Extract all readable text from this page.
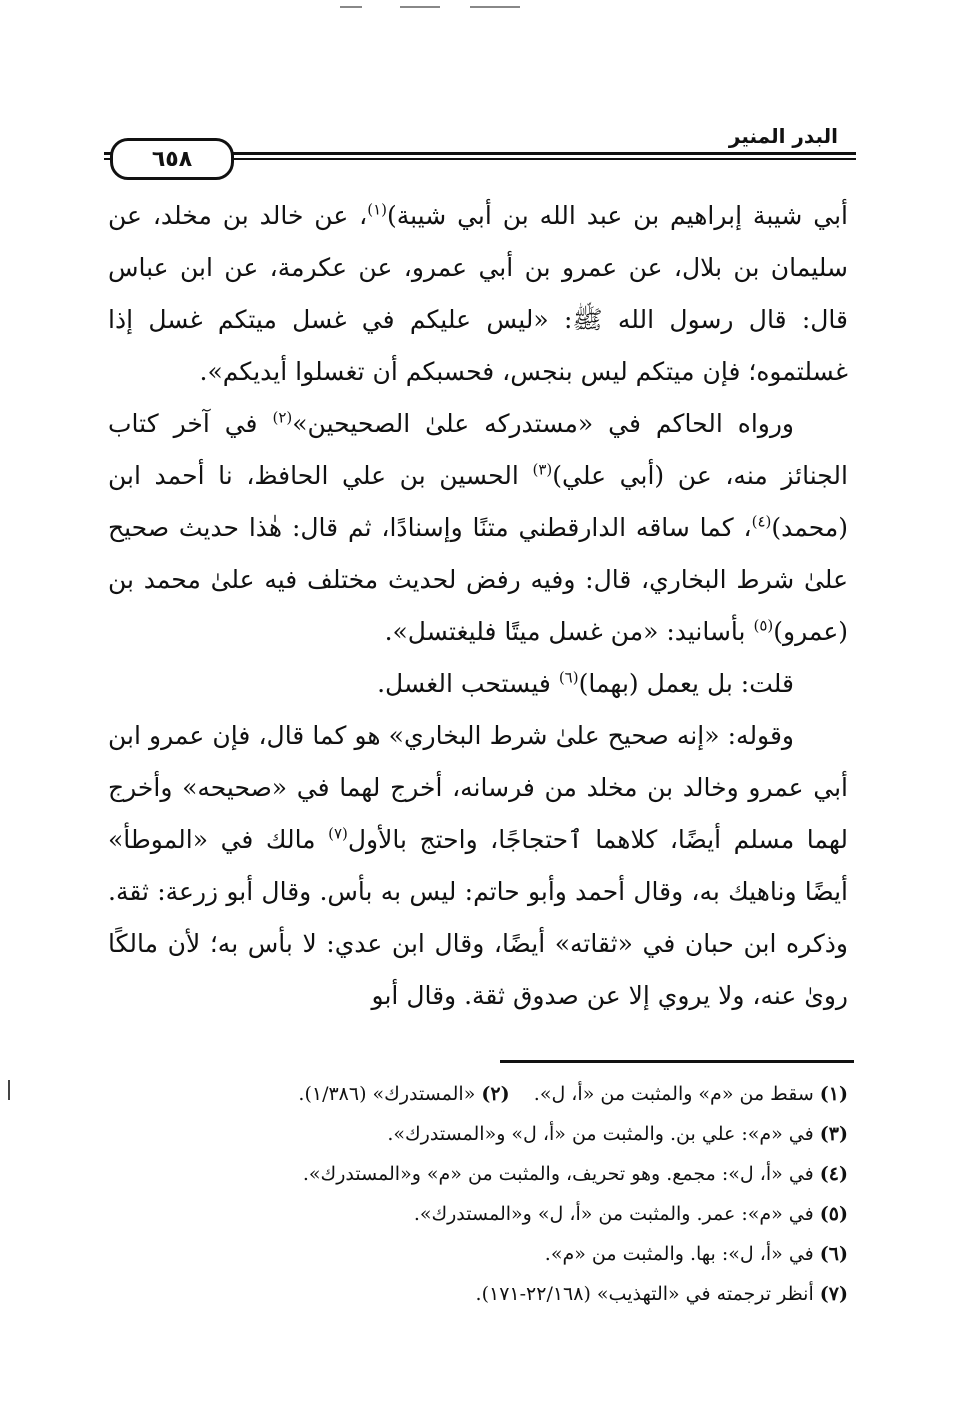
البدر المنير
٦٥٨

أبي شيبة إبراهيم بن عبد الله بن أبي شيبة)$^{(١)}$، عن خالد بن مخلد، عن سليمان بن بلال، عن عمرو بن أبي عمرو، عن عكرمة، عن ابن عباس قال: قال رسول الله ﷺ: «ليس عليكم في غسل ميتكم غسل إذا غسلتموه؛ فإن ميتكم ليس بنجس، فحسبكم أن تغسلوا أيديكم».

ورواه الحاكم في «مستدركه علىٰ الصحيحين»$^{(٢)}$ في آخر كتاب الجنائز منه، عن (أبي علي)$^{(٣)}$ الحسين بن علي الحافظ، نا أحمد ابن (محمد)$^{(٤)}$، كما ساقه الدارقطني متنًا وإسنادًا، ثم قال: هٰذا حديث صحيح علىٰ شرط البخاري، قال: وفيه رفض لحديث مختلف فيه علىٰ محمد بن (عمرو)$^{(٥)}$ بأسانيد: «من غسل ميتًا فليغتسل».

قلت: بل يعمل (بهما)$^{(٦)}$ فيستحب الغسل.

وقوله: «إنه صحيح علىٰ شرط البخاري» هو كما قال، فإن عمرو ابن أبي عمرو وخالد بن مخلد من فرسانه، أخرج لهما في «صحيحه» وأخرج لهما مسلم أيضًا، كلاهما ٱحتجاجًا، واحتج بالأول$^{(٧)}$ مالك في «الموطأ» أيضًا وناهيك به، وقال أحمد وأبو حاتم: ليس به بأس. وقال أبو زرعة: ثقة. وذكره ابن حبان في «ثقاته» أيضًا، وقال ابن عدي: لا بأس به؛ لأن مالكًا روىٰ عنه، ولا يروي إلا عن صدوق ثقة. وقال أبو

(١) سقط من «م» والمثبت من «أ، ل».    (٢) «المستدرك» (١/٣٨٦).
(٣) في «م»: علي بن. والمثبت من «أ، ل» و«المستدرك».
(٤) في «أ، ل»: مجمع. وهو تحريف، والمثبت من «م» و«المستدرك».
(٥) في «م»: عمر. والمثبت من «أ، ل» و«المستدرك».
(٦) في «أ، ل»: بها. والمثبت من «م».
(٧) أنظر ترجمته في «التهذيب» (٢٢/١٦٨-١٧١).
